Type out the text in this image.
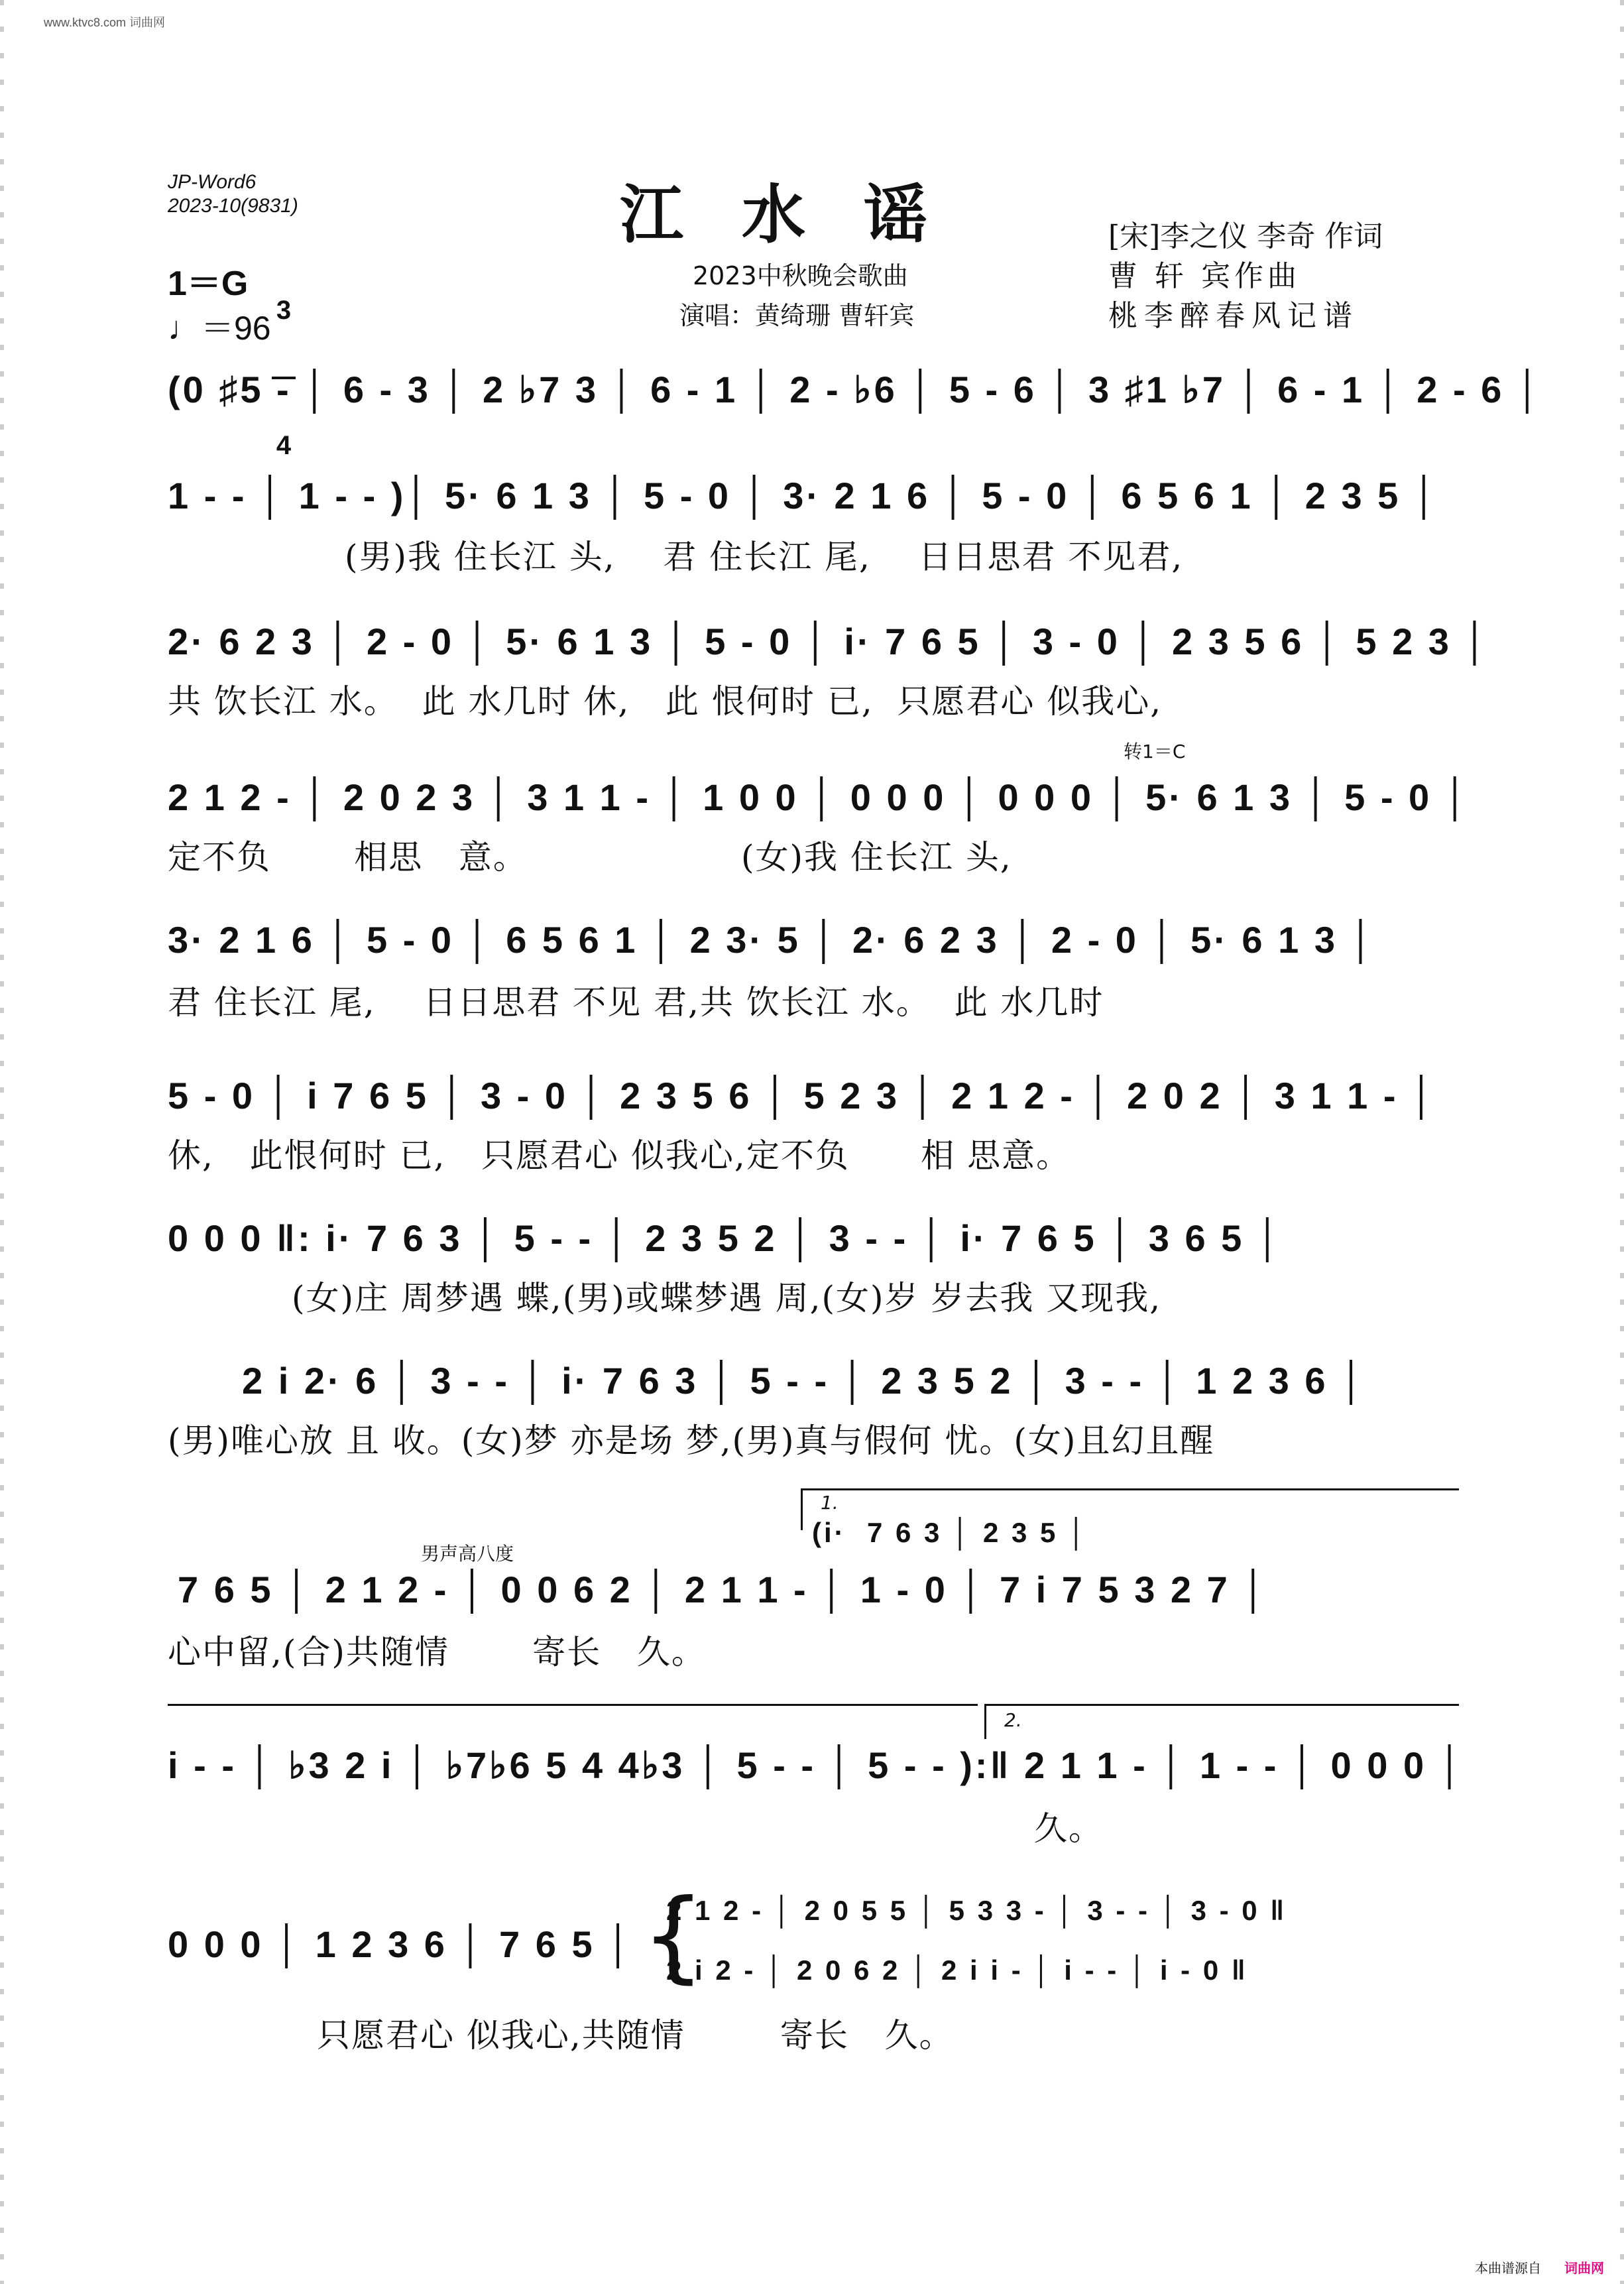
www.ktvc8.com 词曲网
JP-Word6
2023-10(9831)	江水谣
2023中秋晚会歌曲
演唱：黄绮珊 曹轩宾
[宋]李之仪 李奇 作词
曹 轩 宾作曲
桃李醉春风记谱
1＝G

3

4

♩＝96
(0 ♯5 - │ 6 - 3 │ 2 ♭7 3 │ 6 - 1 │ 2 - ♭6 │ 5 - 6 │ 3 ♯1 ♭7 │ 6 - 1 │ 2 - 6 │
1 - - │ 1 - - )│ 5· 6 1 3 │ 5 - 0 │ 3· 2 1 6 │ 5 - 0 │ 6 5 6 1 │ 2 3 5 │
(男)我 住长江 头,    君 住长江 尾,    日日思君 不见君,
2· 6 2 3 │ 2 - 0 │ 5· 6 1 3 │ 5 - 0 │ i· 7 6 5 │ 3 - 0 │ 2 3 5 6 │ 5 2 3 │
共 饮长江 水。  此 水几时 休,   此 恨何时 已,  只愿君心 似我心,
转1＝C
2 1 2 - │ 2 0 2 3 │ 3 1 1 - │ 1 0 0 │ 0 0 0 │ 0 0 0 │ 5· 6 1 3 │ 5 - 0 │
定不负       相思   意。                  (女)我 住长江 头,
3· 2 1 6 │ 5 - 0 │ 6 5 6 1 │ 2 3· 5 │ 2· 6 2 3 │ 2 - 0 │ 5· 6 1 3 │
君 住长江 尾,    日日思君 不见 君,共 饮长江 水。  此 水几时
5 - 0 │ i 7 6 5 │ 3 - 0 │ 2 3 5 6 │ 5 2 3 │ 2 1 2 - │ 2 0 2 │ 3 1 1 - │
休,   此恨何时 已,   只愿君心 似我心,定不负      相 思意。
0 0 0 ‖: i· 7 6 3 │ 5 - - │ 2 3 5 2 │ 3 - - │ i· 7 6 5 │ 3 6 5 │
(女)庄 周梦遇 蝶,(男)或蝶梦遇 周,(女)岁 岁去我 又现我,
2 i 2· 6 │ 3 - - │ i· 7 6 3 │ 5 - - │ 2 3 5 2 │ 3 - - │ 1 2 3 6 │
(男)唯心放 且 收。(女)梦 亦是场 梦,(男)真与假何 忧。(女)且幻且醒
1.
(i·  7 6 3 │ 2 3 5 │
男声高八度
7 6 5 │ 2 1 2 - │ 0 0 6 2 │ 2 1 1 - │ 1 - 0 │ 7 i 7 5 3 2 7 │
心中留,(合)共随情       寄长   久。
2.
i - - │ ♭3 2 i │ ♭7♭6 5 4 4♭3 │ 5 - - │ 5 - - ):‖ 2 1 1 - │ 1 - - │ 0 0 0 │
久。
0 0 0 │ 1 2 3 6 │ 7 6 5 │ {
2 1 2 - │ 2 0 5 5 │ 5 3 3 - │ 3 - - │ 3 - 0 ‖
2 i 2 - │ 2 0 6 2 │ 2 i i - │ i - - │ i - 0 ‖
只愿君心 似我心,共随情        寄长   久。
本曲谱源自 词曲网
